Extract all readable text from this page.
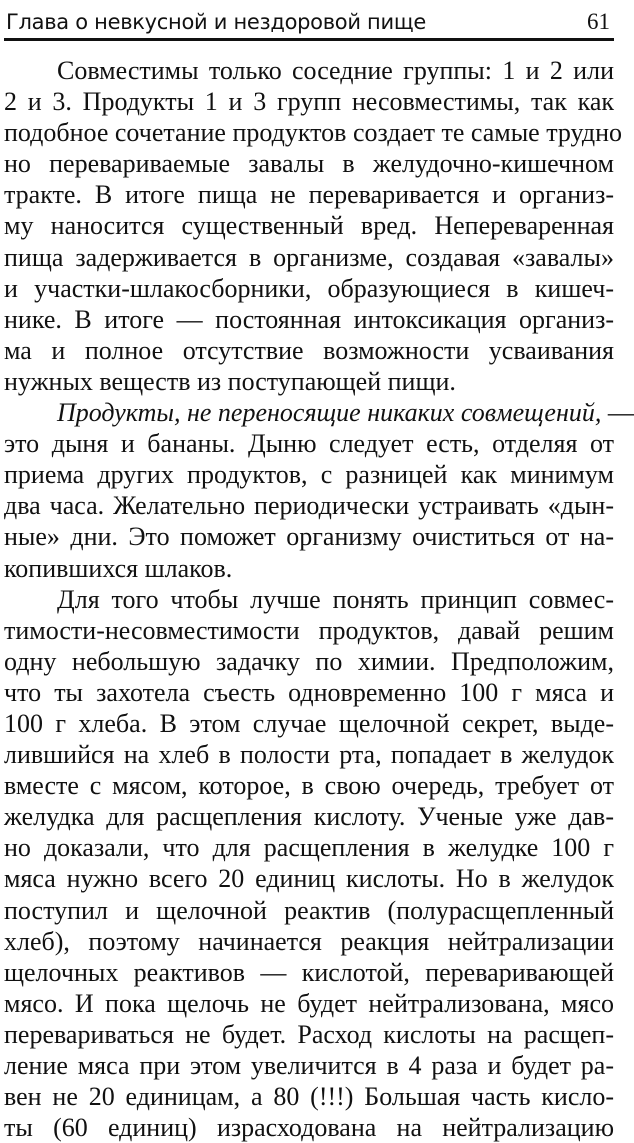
Глава о невкусной и нездоровой пище	61
Совместимы только соседние группы: 1 и 2 или
2 и 3. Продукты 1 и 3 групп несовместимы, так как
подобное сочетание продуктов создает те самые трудно
но перевариваемые завалы в желудочно-кишечном
тракте. В итоге пища не переваривается и организ-
му наносится существенный вред. Непереваренная
пища задерживается в организме, создавая «завалы»
и участки-шлакосборники, образующиеся в кишеч-
нике. В итоге — постоянная интоксикация организ-
ма и полное отсутствие возможности усваивания
нужных веществ из поступающей пищи.
Продукты, не переносящие никаких совмещений, —
это дыня и бананы. Дыню следует есть, отделяя от
приема других продуктов, с разницей как минимум
два часа. Желательно периодически устраивать «дын-
ные» дни. Это поможет организму очиститься от на-
копившихся шлаков.
Для того чтобы лучше понять принцип совмес-
тимости-несовместимости продуктов, давай решим
одну небольшую задачку по химии. Предположим,
что ты захотела съесть одновременно 100 г мяса и
100 г хлеба. В этом случае щелочной секрет, выде-
лившийся на хлеб в полости рта, попадает в желудок
вместе с мясом, которое, в свою очередь, требует от
желудка для расщепления кислоту. Ученые уже дав-
но доказали, что для расщепления в желудке 100 г
мяса нужно всего 20 единиц кислоты. Но в желудок
поступил и щелочной реактив (полурасщепленный
хлеб), поэтому начинается реакция нейтрализации
щелочных реактивов — кислотой, переваривающей
мясо. И пока щелочь не будет нейтрализована, мясо
перевариваться не будет. Расход кислоты на расщеп-
ление мяса при этом увеличится в 4 раза и будет ра-
вен не 20 единицам, а 80 (!!!) Большая часть кисло-
ты (60 единиц) израсходована на нейтрализацию
